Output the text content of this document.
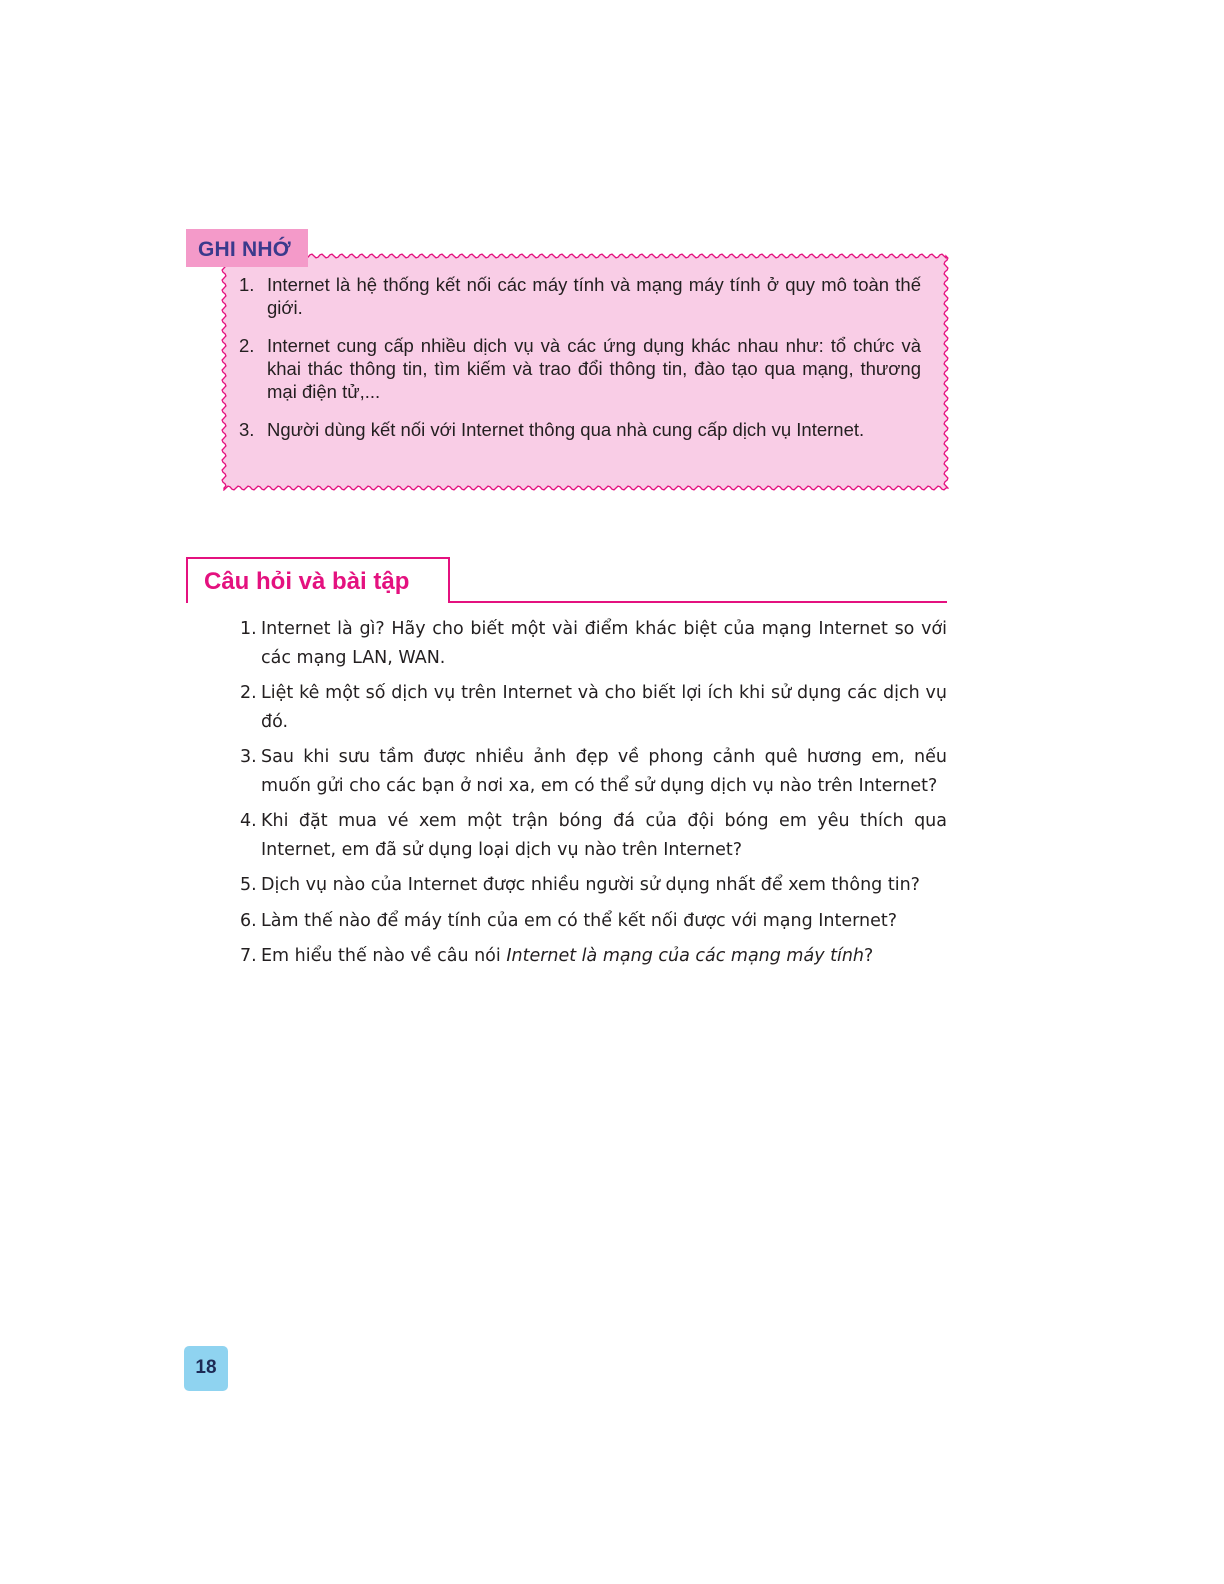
1. Internet là hệ thống kết nối các máy tính và mạng máy tính ở quy mô toàn thế giới.
2. Internet cung cấp nhiều dịch vụ và các ứng dụng khác nhau như: tổ chức và khai thác thông tin, tìm kiếm và trao đổi thông tin, đào tạo qua mạng, thương mại điện tử,...
3. Người dùng kết nối với Internet thông qua nhà cung cấp dịch vụ Internet.
GHI NHỚ
Câu hỏi và bài tập
1. Internet là gì? Hãy cho biết một vài điểm khác biệt của mạng Internet so với các mạng LAN, WAN.
2. Liệt kê một số dịch vụ trên Internet và cho biết lợi ích khi sử dụng các dịch vụ đó.
3. Sau khi sưu tầm được nhiều ảnh đẹp về phong cảnh quê hương em, nếu muốn gửi cho các bạn ở nơi xa, em có thể sử dụng dịch vụ nào trên Internet?
4. Khi đặt mua vé xem một trận bóng đá của đội bóng em yêu thích qua Internet, em đã sử dụng loại dịch vụ nào trên Internet?
5. Dịch vụ nào của Internet được nhiều người sử dụng nhất để xem thông tin?
6. Làm thế nào để máy tính của em có thể kết nối được với mạng Internet?
7. Em hiểu thế nào về câu nói Internet là mạng của các mạng máy tính?
18
